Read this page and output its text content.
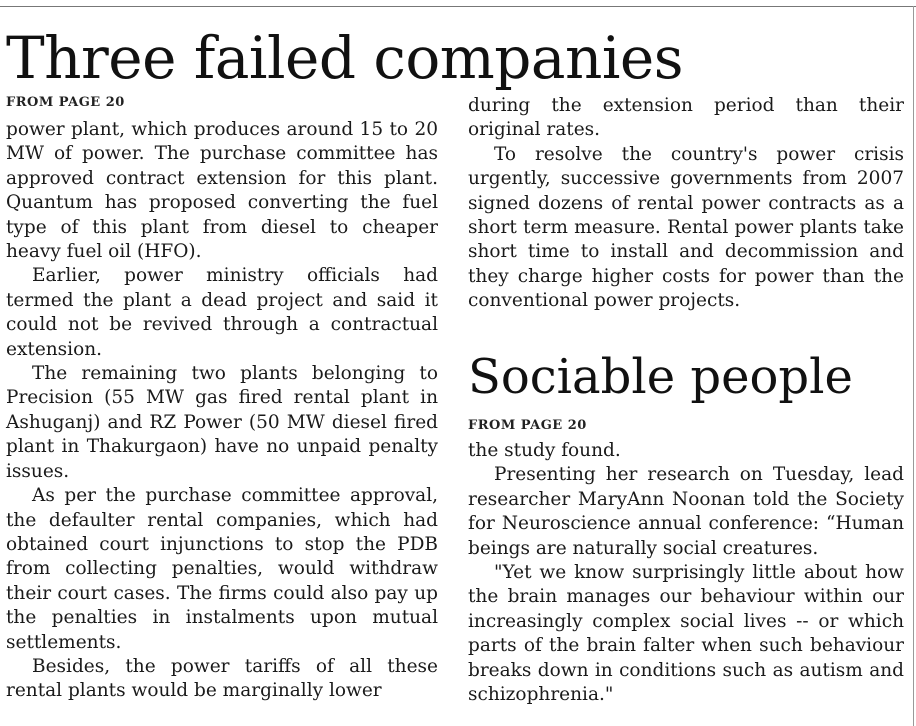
Three failed companies
FROM PAGE 20

power plant, which produces around 15 to 20 MW of power. The purchase committee has approved contract extension for this plant. Quantum has proposed converting the fuel type of this plant from diesel to cheaper heavy fuel oil (HFO).

Earlier, power ministry officials had termed the plant a dead project and said it could not be revived through a contractual extension.

The remaining two plants belonging to Precision (55 MW gas fired rental plant in Ashuganj) and RZ Power (50 MW diesel fired plant in Thakurgaon) have no unpaid penalty issues.

As per the purchase committee approval, the defaulter rental companies, which had obtained court injunctions to stop the PDB from collecting penalties, would withdraw their court cases. The firms could also pay up the penalties in instalments upon mutual settlements.

Besides, the power tariffs of all these rental plants would be marginally lower

during the extension period than their original rates.

To resolve the country's power crisis urgently, successive governments from 2007 signed dozens of rental power contracts as a short term measure. Rental power plants take short time to install and decommission and they charge higher costs for power than the conventional power projects.

Sociable people
FROM PAGE 20

the study found.

Presenting her research on Tuesday, lead researcher MaryAnn Noonan told the Society for Neuroscience annual conference: “Human beings are naturally social creatures.

"Yet we know surprisingly little about how the brain manages our behaviour within our increasingly complex social lives -- or which parts of the brain falter when such behaviour breaks down in conditions such as autism and schizophrenia."
